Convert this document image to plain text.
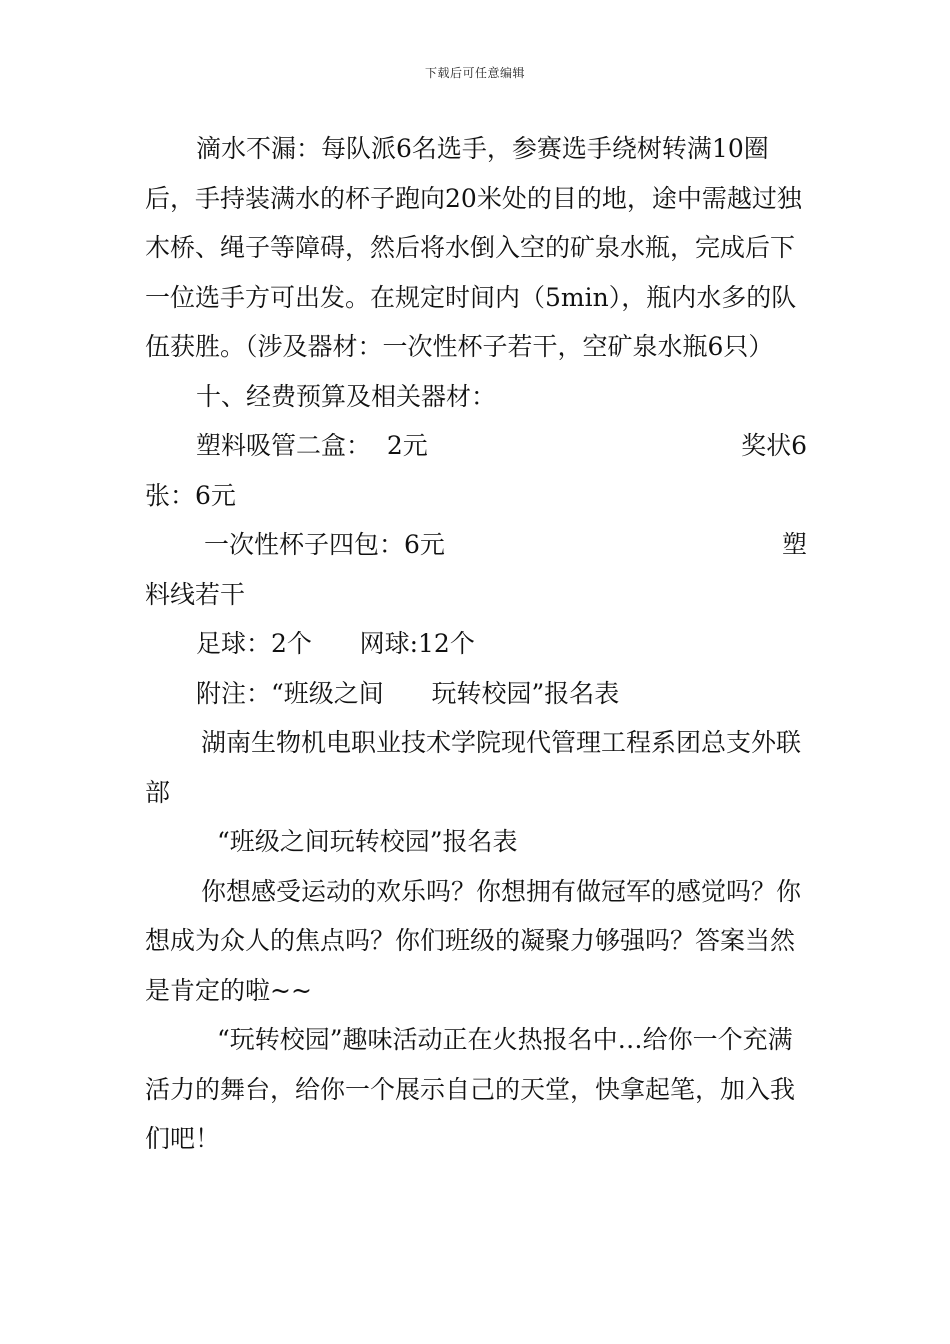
下载后可任意编辑

滴水不漏：每队派6名选手，参赛选手绕树转满10圈后，手持装满水的杯子跑向20米处的目的地，途中需越过独木桥、绳子等障碍，然后将水倒入空的矿泉水瓶，完成后下一位选手方可出发。在规定时间内（5min），瓶内水多的队伍获胜。（涉及器材：一次性杯子若干，空矿泉水瓶6只）

十、经费预算及相关器材：

塑料吸管二盒：  2元	奖状6

张：6元

一次性杯子四包：6元	塑

料线若干

足球：2个      网球:12个

附注：“班级之间      玩转校园”报名表

湖南生物机电职业技术学院现代管理工程系团总支外联部

“班级之间玩转校园”报名表

你想感受运动的欢乐吗？你想拥有做冠军的感觉吗？你想成为众人的焦点吗？你们班级的凝聚力够强吗？答案当然是肯定的啦~~

“玩转校园”趣味活动正在火热报名中…给你一个充满活力的舞台，给你一个展示自己的天堂，快拿起笔，加入我们吧！
